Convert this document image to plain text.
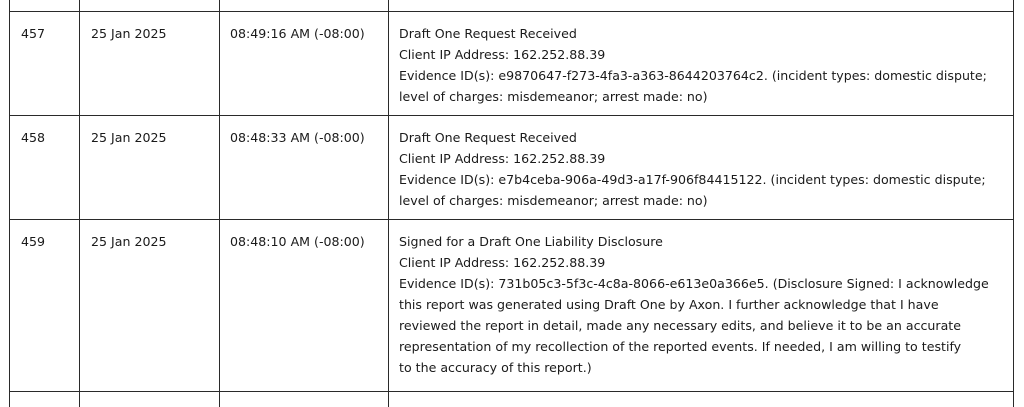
457	25 Jan 2025	08:49:16 AM (-08:00)	Draft One Request Received
Client IP Address: 162.252.88.39
Evidence ID(s): e9870647-f273-4fa3-a363-8644203764c2. (incident types: domestic dispute;
level of charges: misdemeanor; arrest made: no)
458	25 Jan 2025	08:48:33 AM (-08:00)	Draft One Request Received
Client IP Address: 162.252.88.39
Evidence ID(s): e7b4ceba-906a-49d3-a17f-906f84415122. (incident types: domestic dispute;
level of charges: misdemeanor; arrest made: no)
459	25 Jan 2025	08:48:10 AM (-08:00)	Signed for a Draft One Liability Disclosure
Client IP Address: 162.252.88.39
Evidence ID(s): 731b05c3-5f3c-4c8a-8066-e613e0a366e5. (Disclosure Signed: I acknowledge
this report was generated using Draft One by Axon. I further acknowledge that I have
reviewed the report in detail, made any necessary edits, and believe it to be an accurate
representation of my recollection of the reported events. If needed, I am willing to testify
to the accuracy of this report.)
